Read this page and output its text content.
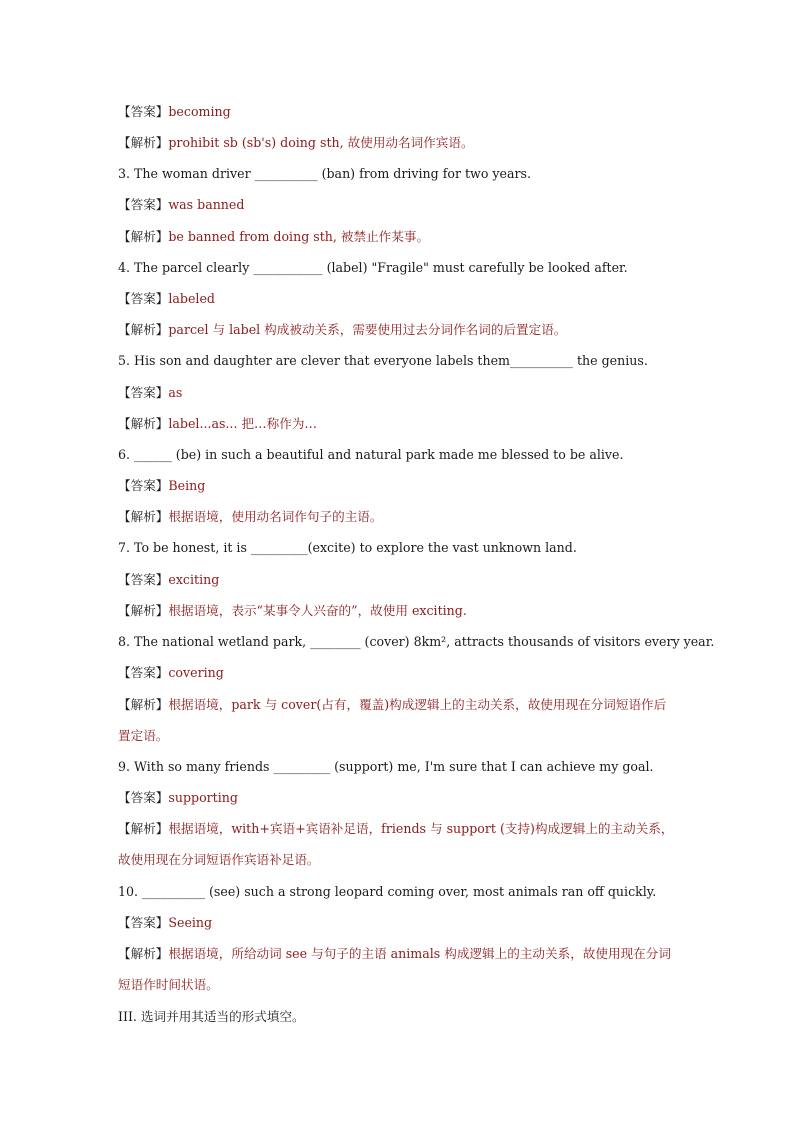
【答案】becoming
【解析】prohibit sb (sb's) doing sth, 故使用动名词作宾语。
3. The woman driver __________ (ban) from driving for two years.
【答案】was banned
【解析】be banned from doing sth, 被禁止作某事。
4. The parcel clearly ___________ (label) "Fragile" must carefully be looked after.
【答案】labeled
【解析】parcel 与 label 构成被动关系，需要使用过去分词作名词的后置定语。
5. His son and daughter are clever that everyone labels them__________ the genius.
【答案】as
【解析】label...as... 把…称作为…
6. ______ (be) in such a beautiful and natural park made me blessed to be alive.
【答案】Being
【解析】根据语境，使用动名词作句子的主语。
7. To be honest, it is _________(excite) to explore the vast unknown land.
【答案】exciting
【解析】根据语境，表示“某事令人兴奋的”，故使用 exciting.
8. The national wetland park, ________ (cover) 8km², attracts thousands of visitors every year.
【答案】covering
【解析】根据语境，park 与 cover(占有，覆盖)构成逻辑上的主动关系，故使用现在分词短语作后置定语。
9. With so many friends _________ (support) me, I'm sure that I can achieve my goal.
【答案】supporting
【解析】根据语境，with+宾语+宾语补足语，friends 与 support (支持)构成逻辑上的主动关系，故使用现在分词短语作宾语补足语。
10. __________ (see) such a strong leopard coming over, most animals ran off quickly.
【答案】Seeing
【解析】根据语境，所给动词 see 与句子的主语 animals 构成逻辑上的主动关系，故使用现在分词短语作时间状语。
III. 选词并用其适当的形式填空。
